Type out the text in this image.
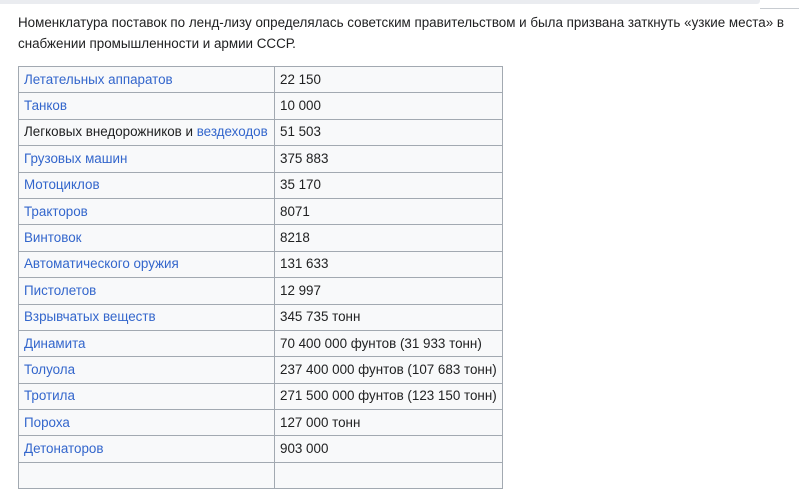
Номенклатура поставок по ленд-лизу определялась советским правительством и была призвана заткнуть «узкие места» в снабжении промышленности и армии СССР.

Летательных аппаратов	22 150
Танков	10 000
Легковых внедорожников и вездеходов	51 503
Грузовых машин	375 883
Мотоциклов	35 170
Тракторов	8071
Винтовок	8218
Автоматического оружия	131 633
Пистолетов	12 997
Взрывчатых веществ	345 735 тонн
Динамита	70 400 000 фунтов (31 933 тонн)
Толуола	237 400 000 фунтов (107 683 тонн)
Тротила	271 500 000 фунтов (123 150 тонн)
Пороха	127 000 тонн
Детонаторов	903 000
